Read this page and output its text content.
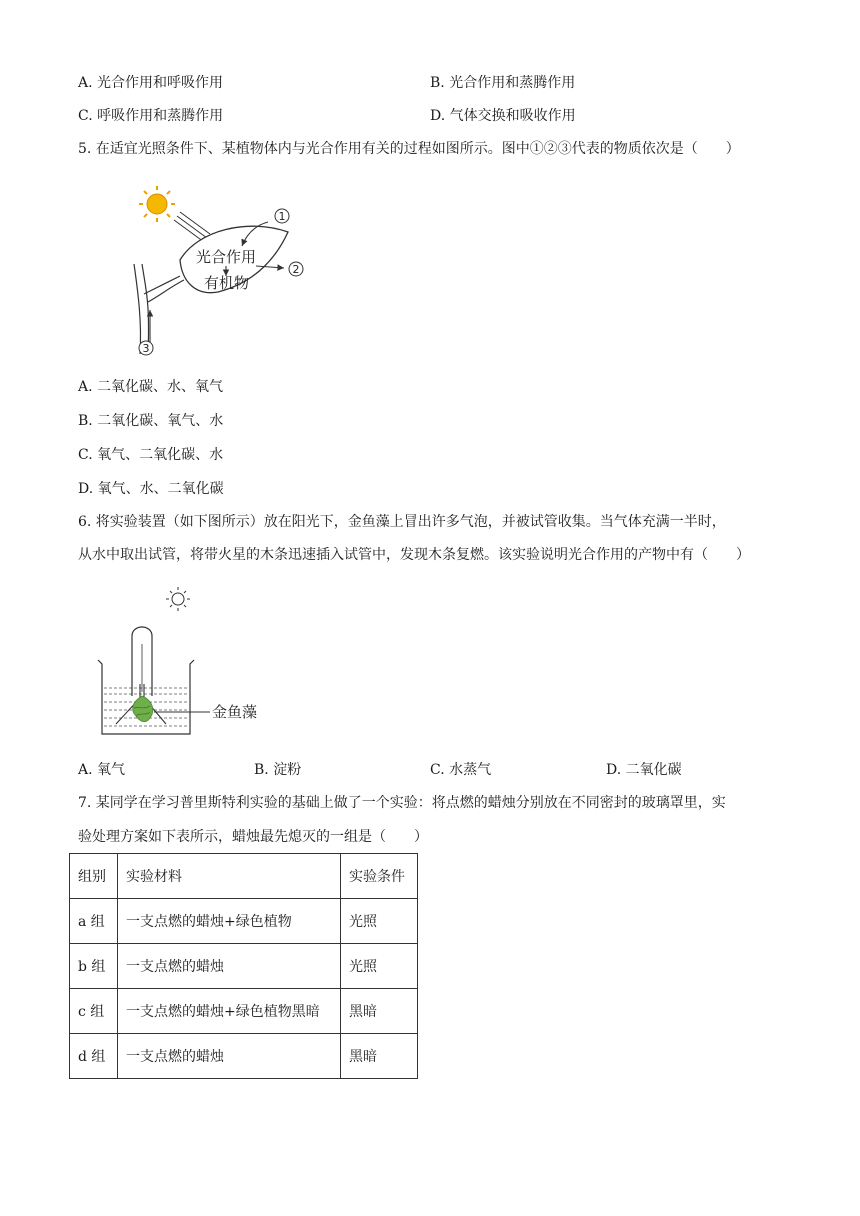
A. 光合作用和呼吸作用	B. 光合作用和蒸腾作用
C. 呼吸作用和蒸腾作用	D. 气体交换和吸收作用
5. 在适宜光照条件下、某植物体内与光合作用有关的过程如图所示。图中①②③代表的物质依次是（　　）
光合作用
有机物
1
2
3
A. 二氧化碳、水、氧气
B. 二氧化碳、氧气、水
C. 氧气、二氧化碳、水
D. 氧气、水、二氧化碳
6. 将实验装置（如下图所示）放在阳光下，金鱼藻上冒出许多气泡，并被试管收集。当气体充满一半时，
从水中取出试管，将带火星的木条迅速插入试管中，发现木条复燃。该实验说明光合作用的产物中有（　　）
金鱼藻
A. 氧气	B. 淀粉	C. 水蒸气	D. 二氧化碳
7. 某同学在学习普里斯特利实验的基础上做了一个实验：将点燃的蜡烛分别放在不同密封的玻璃罩里，实
验处理方案如下表所示，蜡烛最先熄灭的一组是（　　）
组别	实验材料	实验条件
a 组	一支点燃的蜡烛+绿色植物	光照
b 组	一支点燃的蜡烛	光照
c 组	一支点燃的蜡烛+绿色植物黑暗	黑暗
d 组	一支点燃的蜡烛	黑暗
